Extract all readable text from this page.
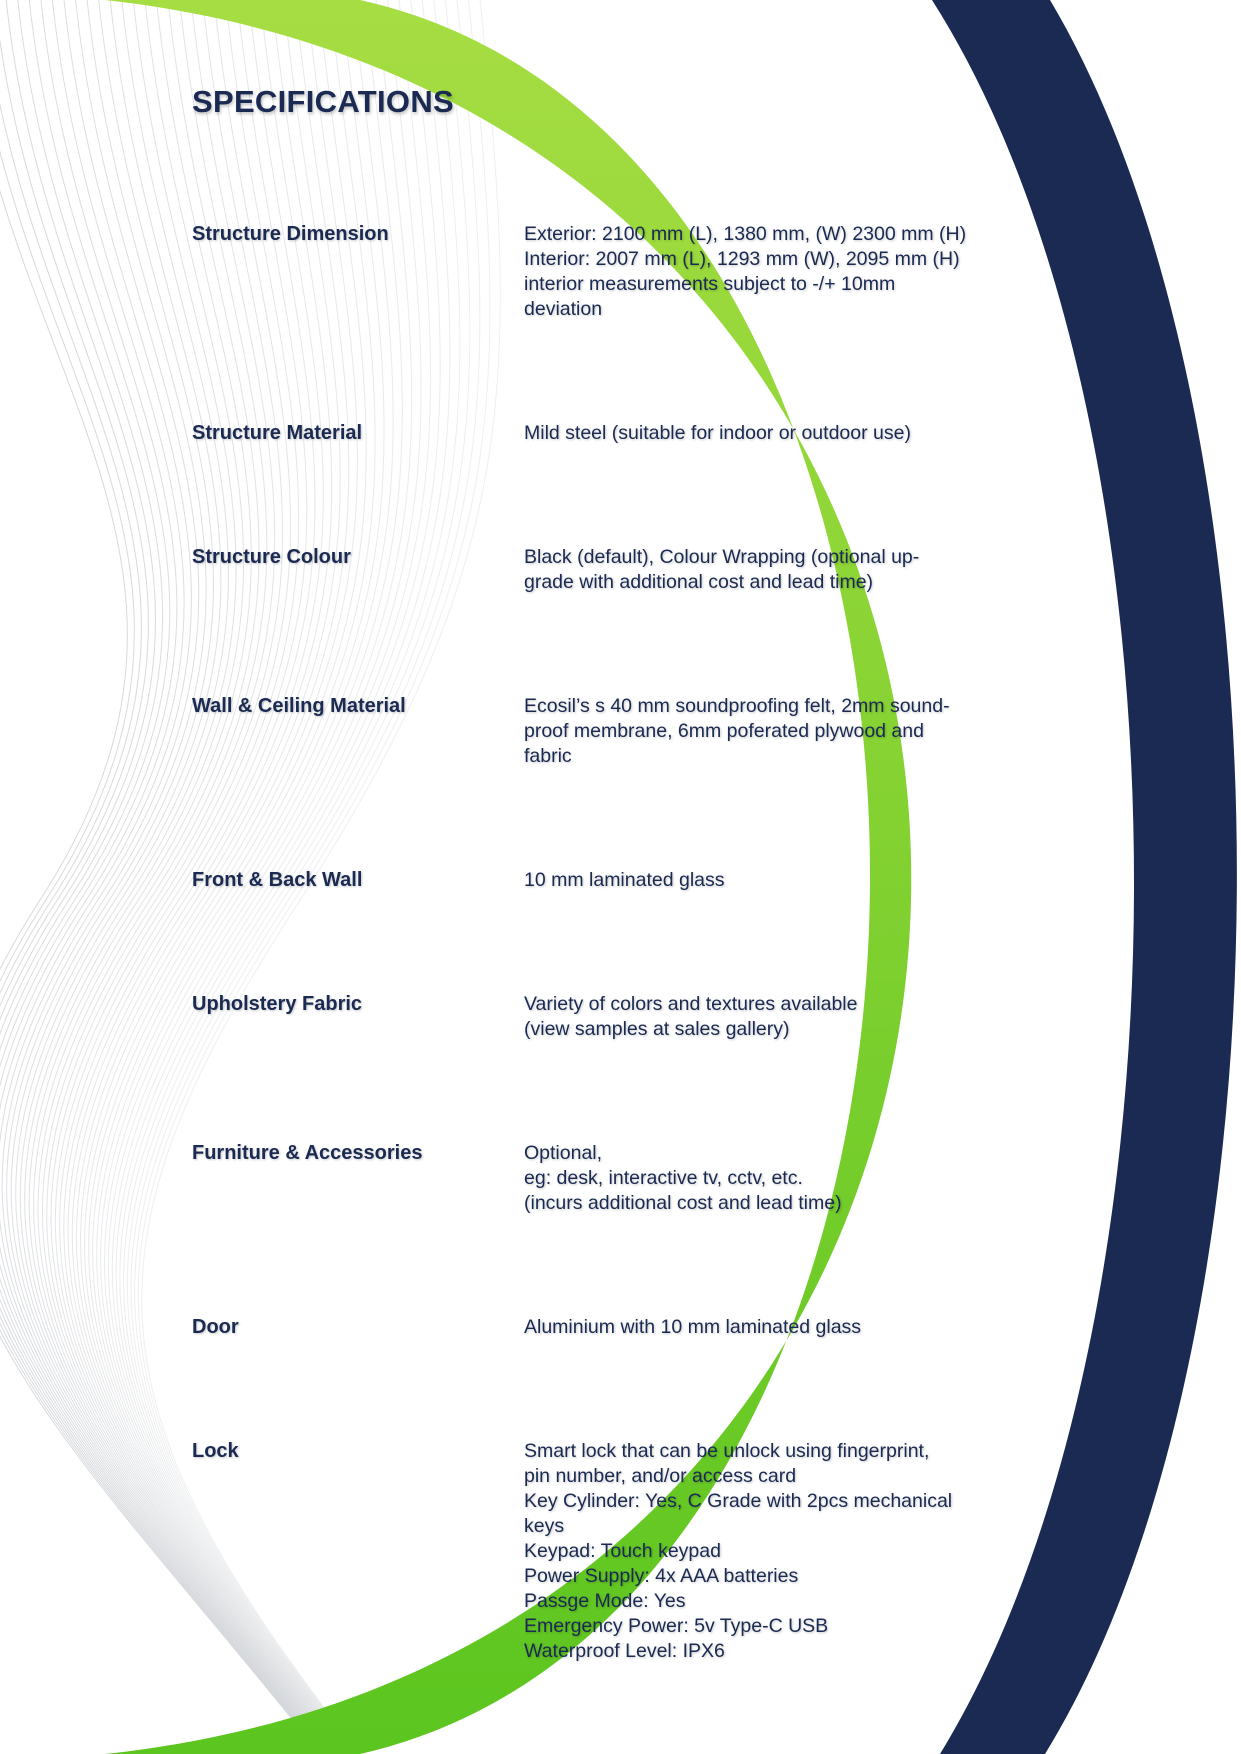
SPECIFICATIONS
Structure Dimension	Exterior: 2100 mm (L), 1380 mm, (W) 2300 mm (H)
Interior: 2007 mm (L), 1293 mm (W), 2095 mm (H)
interior measurements subject to -/+ 10mm
deviation
Structure Material	Mild steel (suitable for indoor or outdoor use)
Structure Colour	Black (default), Colour Wrapping (optional up-
grade with additional cost and lead time)
Wall & Ceiling Material	Ecosil’s s 40 mm soundproofing felt, 2mm sound-
proof membrane, 6mm poferated plywood and
fabric
Front & Back Wall	10 mm laminated glass
Upholstery Fabric	Variety of colors and textures available
(view samples at sales gallery)
Furniture & Accessories	Optional,
eg: desk, interactive tv, cctv, etc.
(incurs additional cost and lead time)
Door	Aluminium with 10 mm laminated glass
Lock	Smart lock that can be unlock using fingerprint,
pin number, and/or access card
Key Cylinder: Yes, C Grade with 2pcs mechanical
keys
Keypad: Touch keypad
Power Supply: 4x AAA batteries
Passge Mode: Yes
Emergency Power: 5v Type-C USB
Waterproof Level: IPX6
